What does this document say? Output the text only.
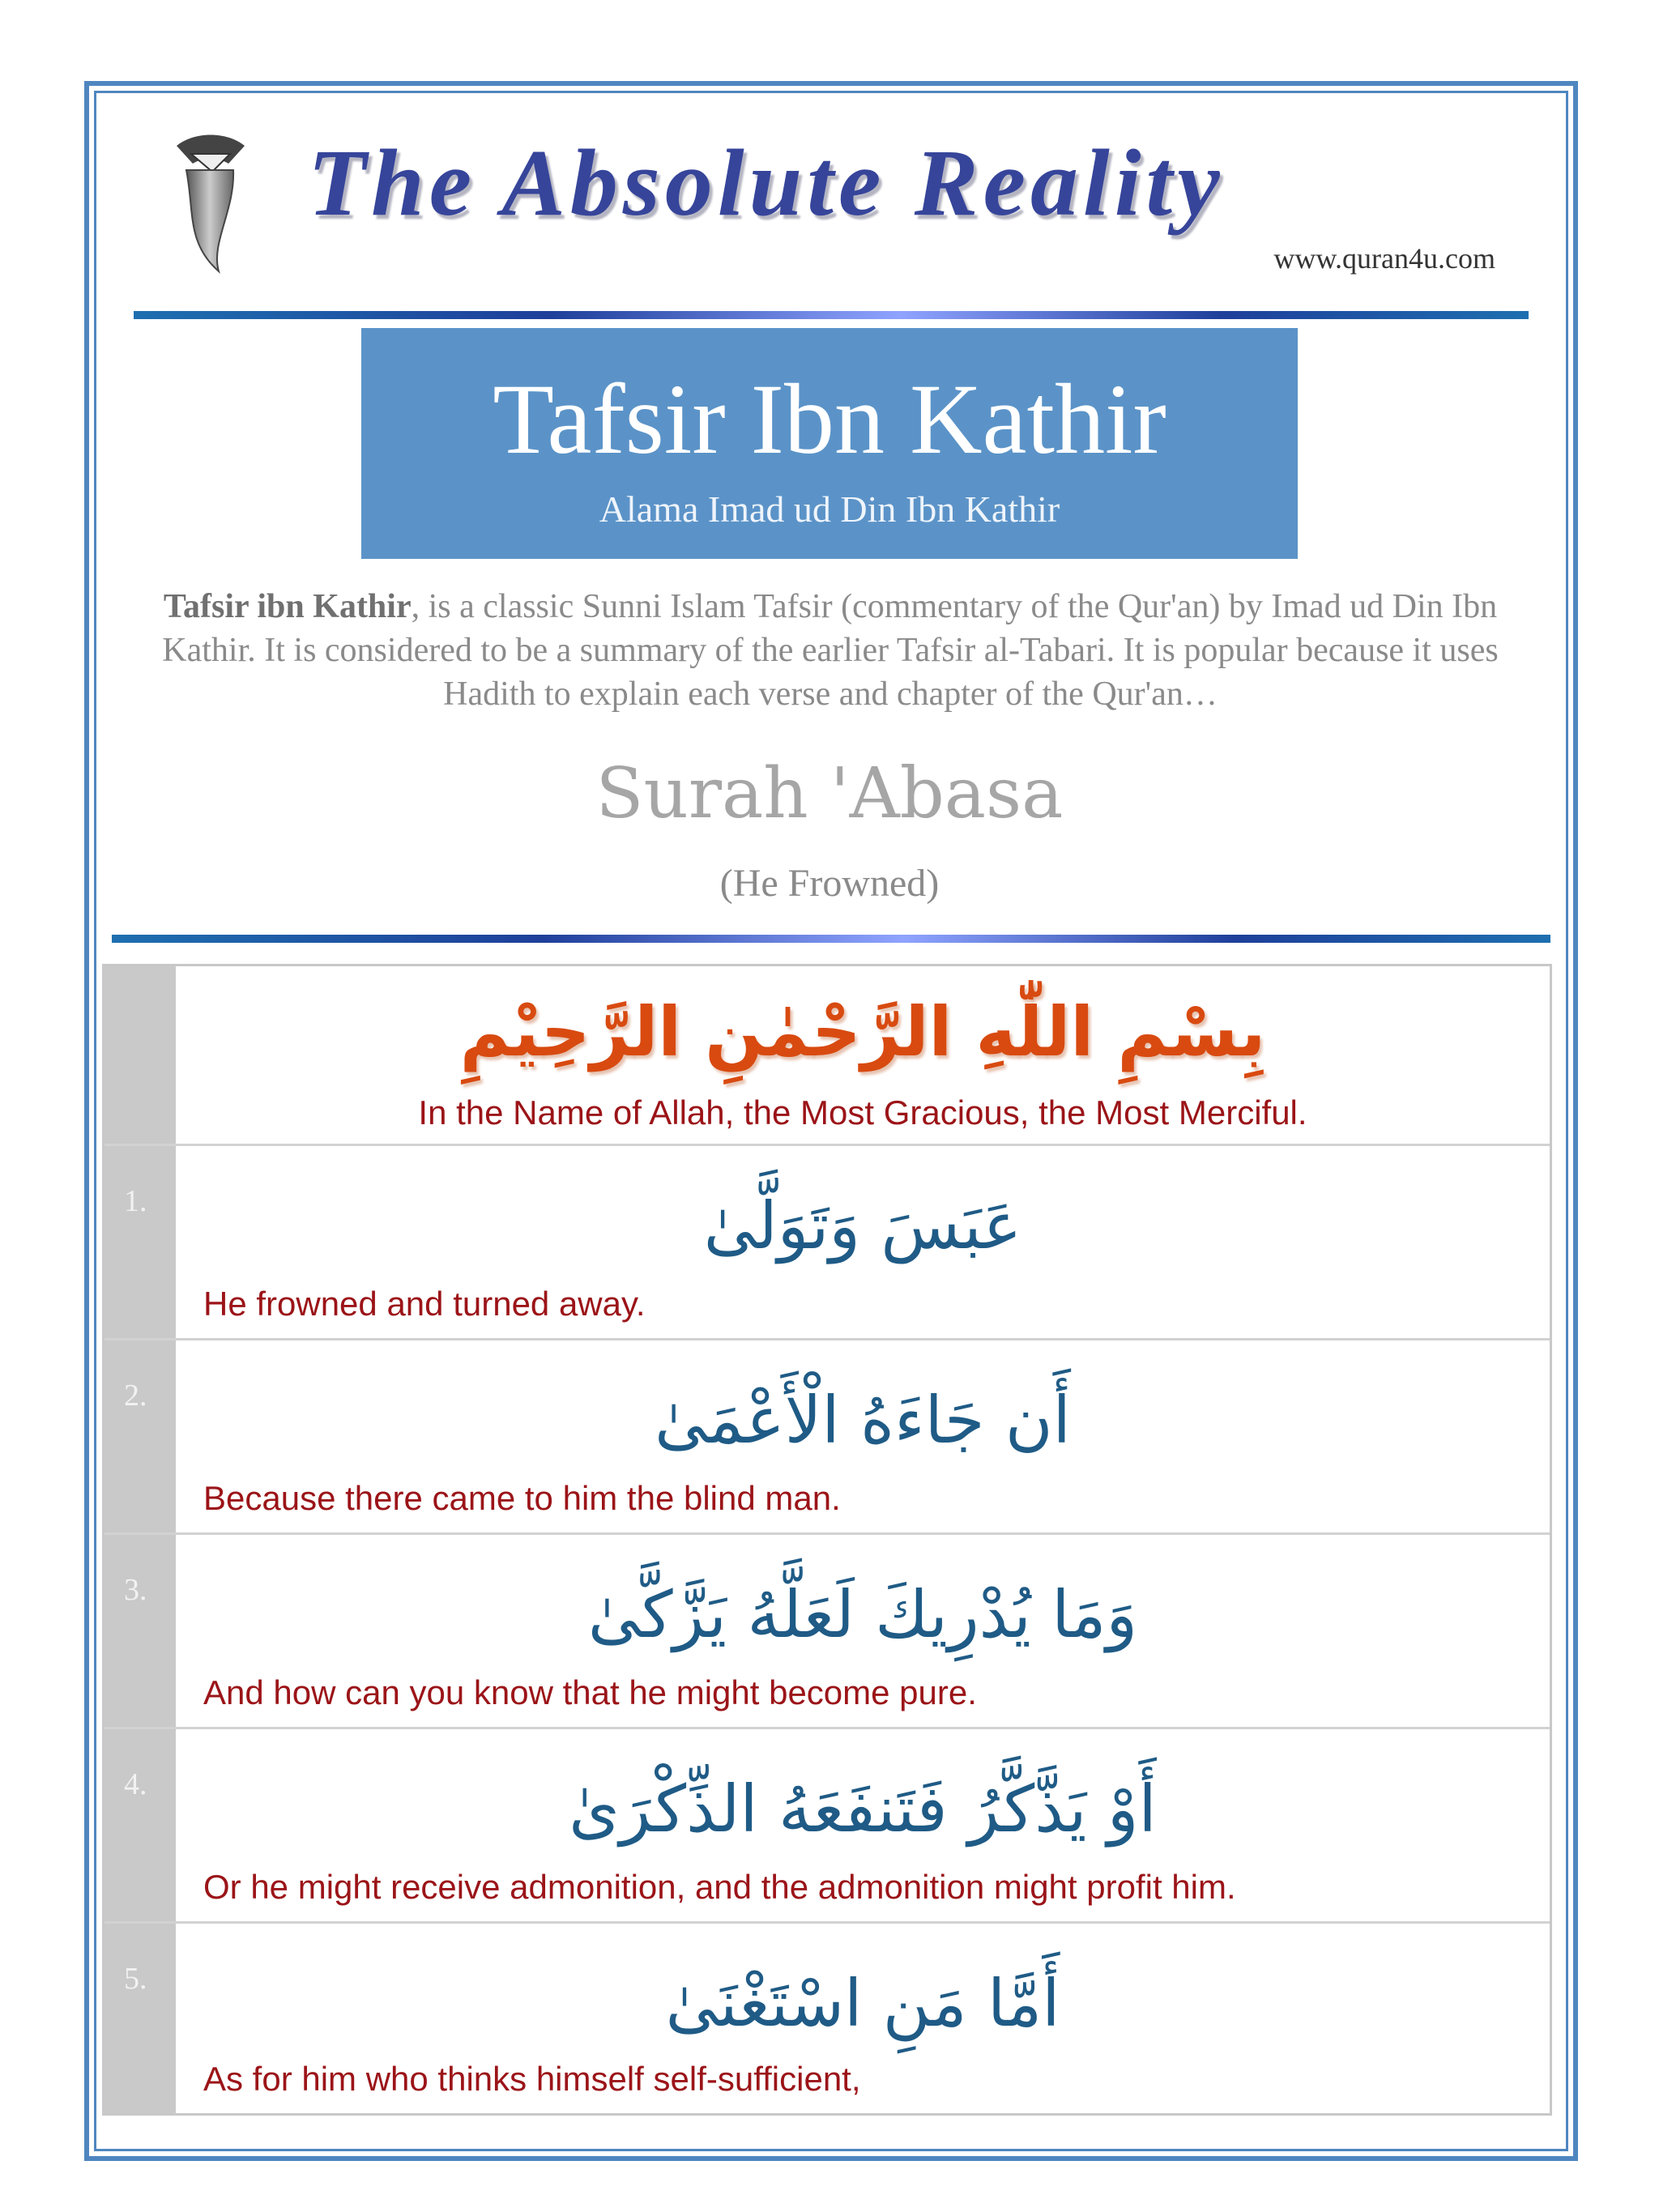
The Absolute Reality
www.quran4u.com
Tafsir Ibn Kathir
Alama Imad ud Din Ibn Kathir
Tafsir ibn Kathir, is a classic Sunni Islam Tafsir (commentary of the Qur'an) by Imad ud Din Ibn Kathir. It is considered to be a summary of the earlier Tafsir al-Tabari. It is popular because it uses Hadith to explain each verse and chapter of the Qur'an…
Surah 'Abasa
(He Frowned)
بِسْمِ اللّٰهِ الرَّحْمٰنِ الرَّحِيْمِ
In the Name of Allah, the Most Gracious, the Most Merciful.
1.	عَبَسَ وَتَوَلَّىٰ
He frowned and turned away.
2.	أَن جَاءَهُ الْأَعْمَىٰ
Because there came to him the blind man.
3.	وَمَا يُدْرِيكَ لَعَلَّهُ يَزَّكَّىٰ
And how can you know that he might become pure.
4.	أَوْ يَذَّكَّرُ فَتَنفَعَهُ الذِّكْرَىٰ
Or he might receive admonition, and the admonition might profit him.
5.	أَمَّا مَنِ اسْتَغْنَىٰ
As for him who thinks himself self-sufficient,
